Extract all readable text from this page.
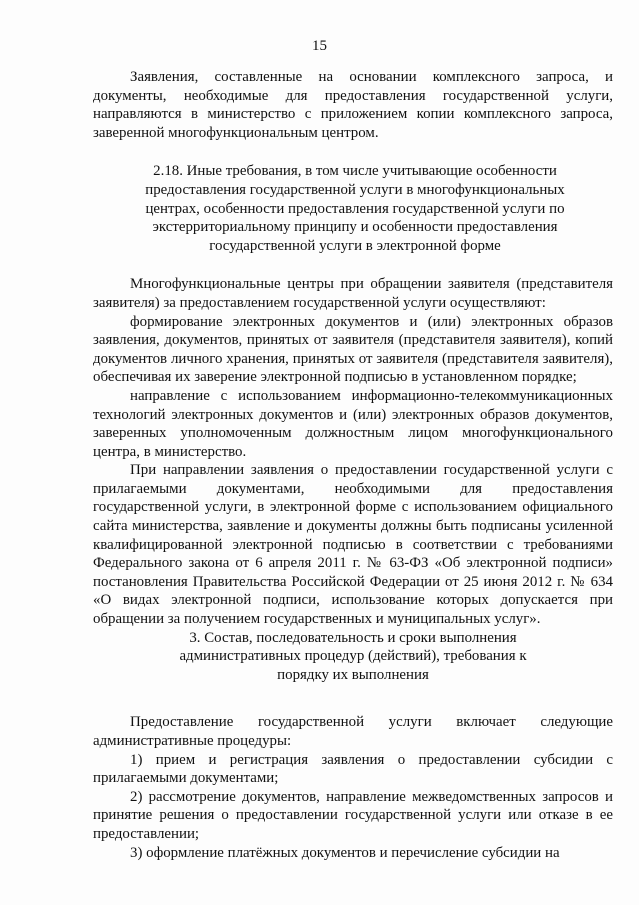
15

Заявления, составленные на основании комплексного запроса, и документы, необходимые для предоставления государственной услуги, направляются в министерство с приложением копии комплексного запроса, заверенной многофункциональным центром.

2.18. Иные требования, в том числе учитывающие особенности предоставления государственной услуги в многофункциональных центрах, особенности предоставления государственной услуги по экстерриториальному принципу и особенности предоставления государственной услуги в электронной форме

Многофункциональные центры при обращении заявителя (представителя заявителя) за предоставлением государственной услуги осуществляют:

формирование электронных документов и (или) электронных образов заявления, документов, принятых от заявителя (представителя заявителя), копий документов личного хранения, принятых от заявителя (представителя заявителя), обеспечивая их заверение электронной подписью в установленном порядке;

направление с использованием информационно-телекоммуникационных технологий электронных документов и (или) электронных образов документов, заверенных уполномоченным должностным лицом многофункционального центра, в министерство.

При направлении заявления о предоставлении государственной услуги с прилагаемыми документами, необходимыми для предоставления государственной услуги, в электронной форме с использованием официального сайта министерства, заявление и документы должны быть подписаны усиленной квалифицированной электронной подписью в соответствии с требованиями Федерального закона от 6 апреля 2011 г. № 63-ФЗ «Об электронной подписи» постановления Правительства Российской Федерации от 25 июня 2012 г. № 634 «О видах электронной подписи, использование которых допускается при обращении за получением государственных и муниципальных услуг».

3. Состав, последовательность и сроки выполнения административных процедур (действий), требования к порядку их выполнения

Предоставление государственной услуги включает следующие административные процедуры:

1) прием и регистрация заявления о предоставлении субсидии с прилагаемыми документами;

2) рассмотрение документов, направление межведомственных запросов и принятие решения о предоставлении государственной услуги или отказе в ее предоставлении;

3) оформление платёжных документов и перечисление субсидии на
